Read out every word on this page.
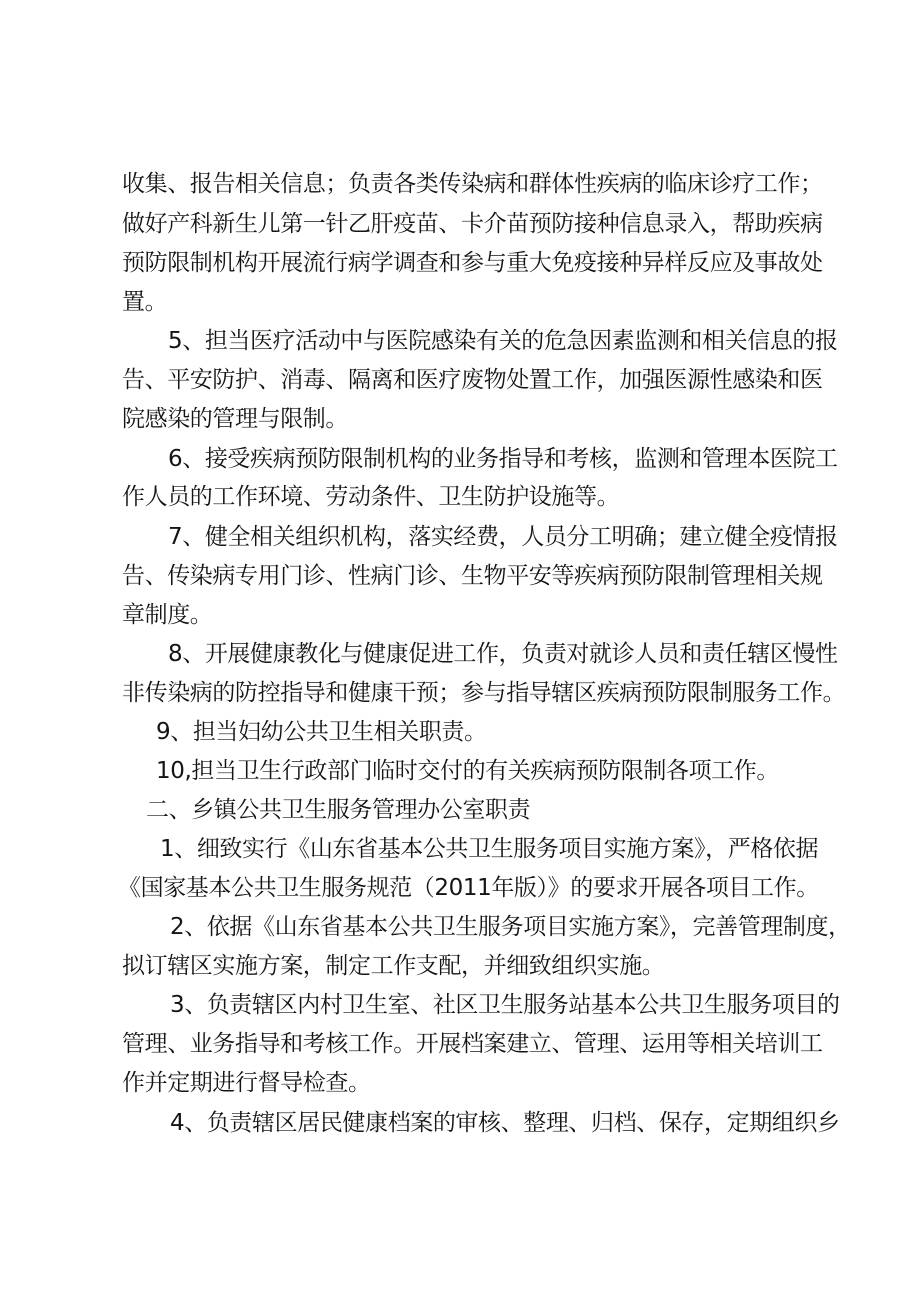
收集、报告相关信息；负责各类传染病和群体性疾病的临床诊疗工作；
做好产科新生儿第一针乙肝疫苗、卡介苗预防接种信息录入，帮助疾病
预防限制机构开展流行病学调查和参与重大免疫接种异样反应及事故处
置。
5、担当医疗活动中与医院感染有关的危急因素监测和相关信息的报
告、平安防护、消毒、隔离和医疗废物处置工作，加强医源性感染和医
院感染的管理与限制。
6、接受疾病预防限制机构的业务指导和考核，监测和管理本医院工
作人员的工作环境、劳动条件、卫生防护设施等。
7、健全相关组织机构，落实经费，人员分工明确；建立健全疫情报
告、传染病专用门诊、性病门诊、生物平安等疾病预防限制管理相关规
章制度。
8、开展健康教化与健康促进工作，负责对就诊人员和责任辖区慢性
非传染病的防控指导和健康干预；参与指导辖区疾病预防限制服务工作。
9、担当妇幼公共卫生相关职责。
10,担当卫生行政部门临时交付的有关疾病预防限制各项工作。
二、乡镇公共卫生服务管理办公室职责
1、细致实行《山东省基本公共卫生服务项目实施方案》，严格依据
《国家基本公共卫生服务规范（2011年版）》的要求开展各项目工作。
2、依据《山东省基本公共卫生服务项目实施方案》，完善管理制度，
拟订辖区实施方案，制定工作支配，并细致组织实施。
3、负责辖区内村卫生室、社区卫生服务站基本公共卫生服务项目的
管理、业务指导和考核工作。开展档案建立、管理、运用等相关培训工
作并定期进行督导检查。
4、负责辖区居民健康档案的审核、整理、归档、保存，定期组织乡
